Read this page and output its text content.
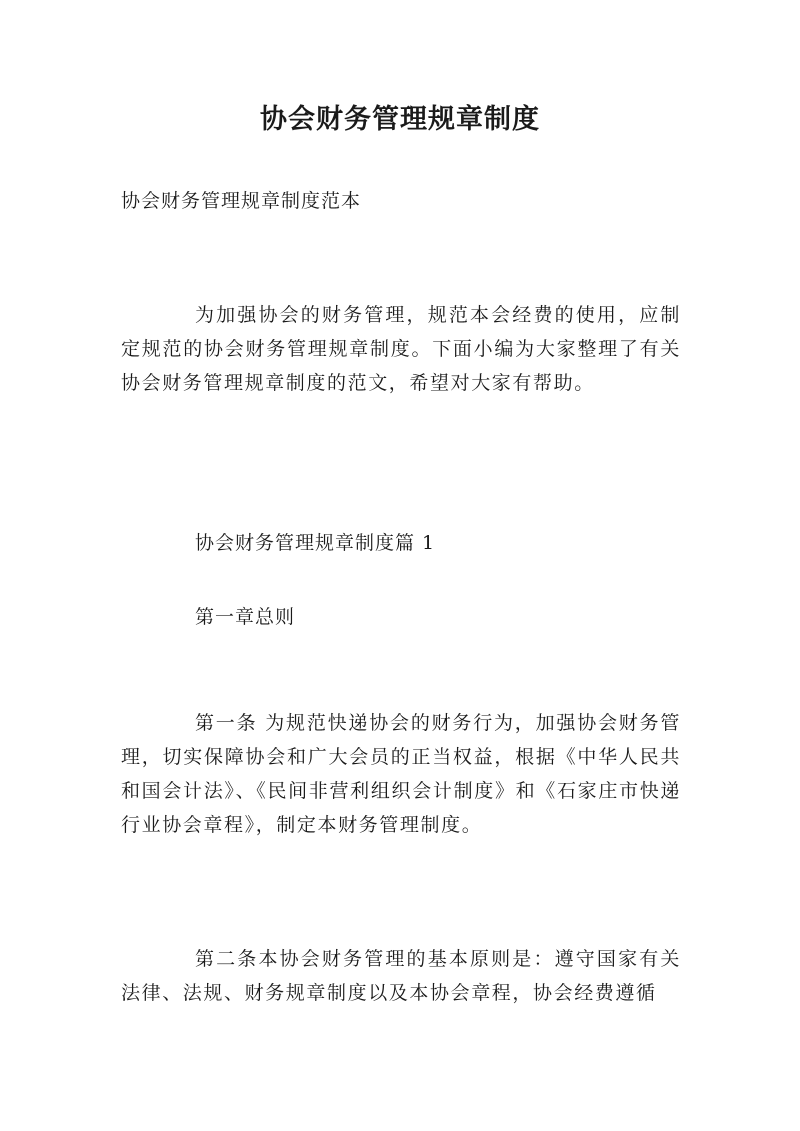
协会财务管理规章制度

协会财务管理规章制度范本

为加强协会的财务管理，规范本会经费的使用，应制定规范的协会财务管理规章制度。下面小编为大家整理了有关协会财务管理规章制度的范文，希望对大家有帮助。

协会财务管理规章制度篇 1

第一章总则

第一条 为规范快递协会的财务行为，加强协会财务管理，切实保障协会和广大会员的正当权益，根据《中华人民共和国会计法》、《民间非营利组织会计制度》和《石家庄市快递行业协会章程》，制定本财务管理制度。

第二条本协会财务管理的基本原则是：遵守国家有关法律、法规、财务规章制度以及本协会章程，协会经费遵循
